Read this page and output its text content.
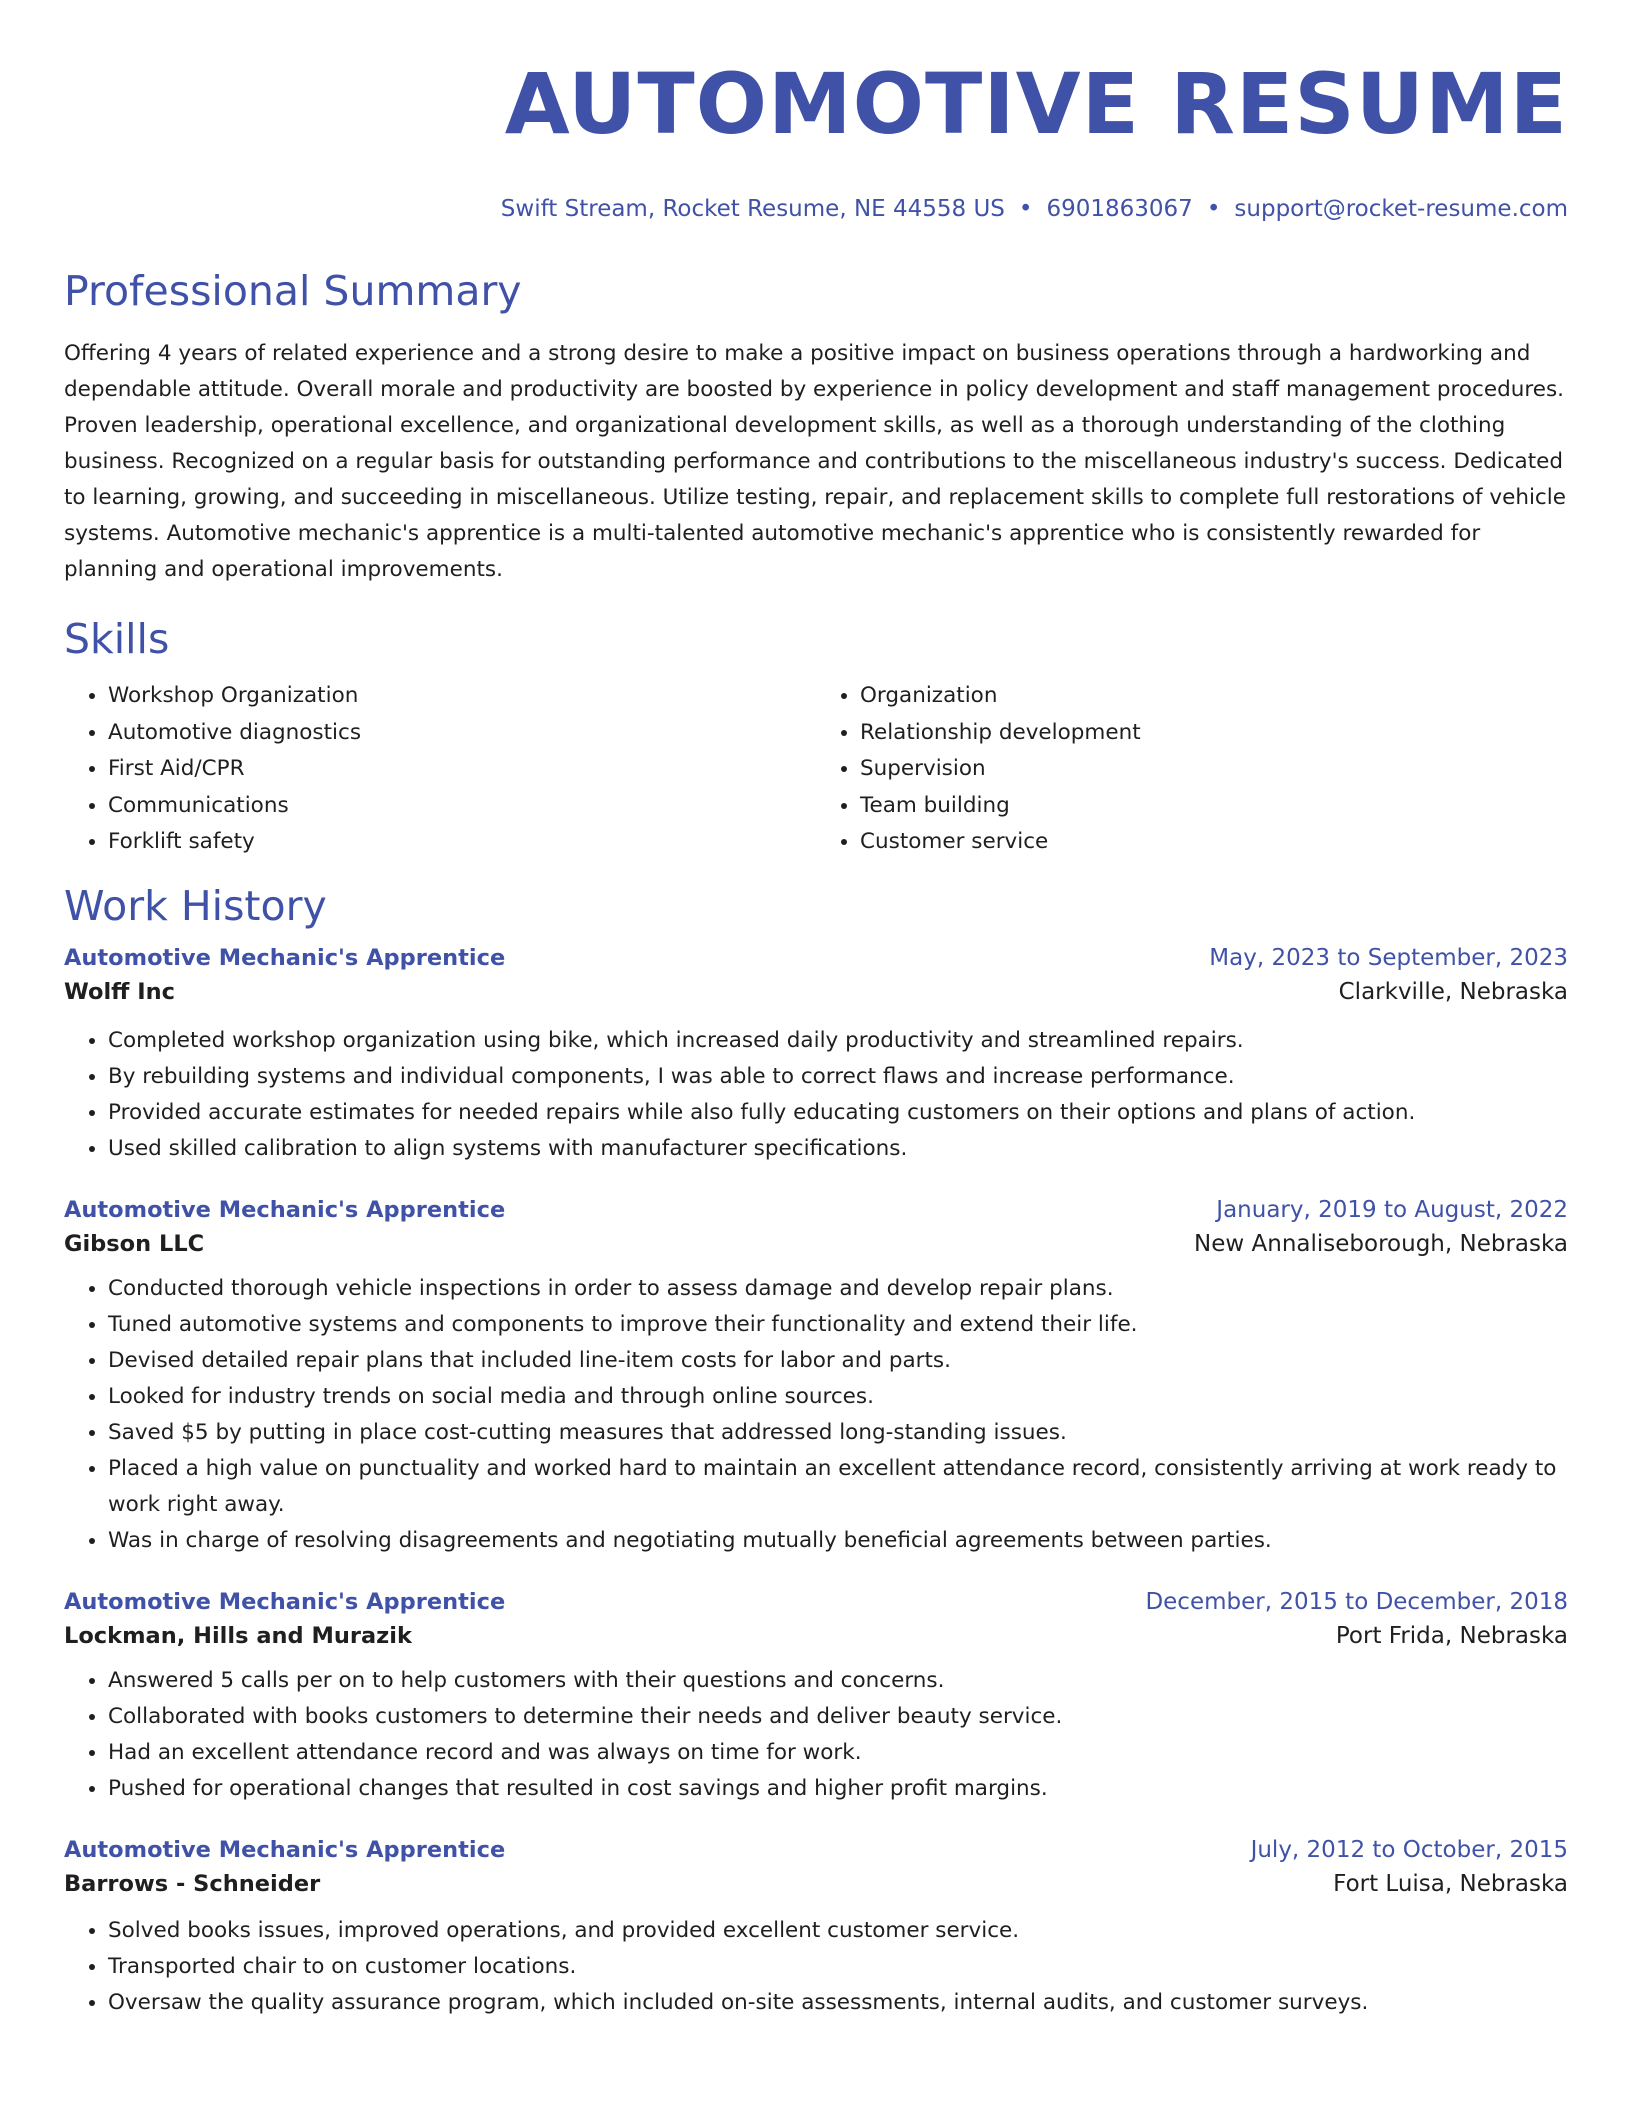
AUTOMOTIVE RESUME
Swift Stream, Rocket Resume, NE 44558 US • 6901863067 • support@rocket-resume.com
Professional Summary

Offering 4 years of related experience and a strong desire to make a positive impact on business operations through a hardworking and dependable attitude. Overall morale and productivity are boosted by experience in policy development and staff management procedures. Proven leadership, operational excellence, and organizational development skills, as well as a thorough understanding of the clothing business. Recognized on a regular basis for outstanding performance and contributions to the miscellaneous industry's success. Dedicated to learning, growing, and succeeding in miscellaneous. Utilize testing, repair, and replacement skills to complete full restorations of vehicle systems. Automotive mechanic's apprentice is a multi-talented automotive mechanic's apprentice who is consistently rewarded for planning and operational improvements.

Skills
• Workshop Organization
• Automotive diagnostics
• First Aid/CPR
• Communications
• Forklift safety
• Organization
• Relationship development
• Supervision
• Team building
• Customer service
Work History
Automotive Mechanic's Apprentice	May, 2023 to September, 2023
Wolff Inc	Clarkville, Nebraska
• Completed workshop organization using bike, which increased daily productivity and streamlined repairs.
• By rebuilding systems and individual components, I was able to correct flaws and increase performance.
• Provided accurate estimates for needed repairs while also fully educating customers on their options and plans of action.
• Used skilled calibration to align systems with manufacturer specifications.
Automotive Mechanic's Apprentice	January, 2019 to August, 2022
Gibson LLC	New Annaliseborough, Nebraska
• Conducted thorough vehicle inspections in order to assess damage and develop repair plans.
• Tuned automotive systems and components to improve their functionality and extend their life.
• Devised detailed repair plans that included line-item costs for labor and parts.
• Looked for industry trends on social media and through online sources.
• Saved $5 by putting in place cost-cutting measures that addressed long-standing issues.
• Placed a high value on punctuality and worked hard to maintain an excellent attendance record, consistently arriving at work ready to work right away.
• Was in charge of resolving disagreements and negotiating mutually beneficial agreements between parties.
Automotive Mechanic's Apprentice	December, 2015 to December, 2018
Lockman, Hills and Murazik	Port Frida, Nebraska
• Answered 5 calls per on to help customers with their questions and concerns.
• Collaborated with books customers to determine their needs and deliver beauty service.
• Had an excellent attendance record and was always on time for work.
• Pushed for operational changes that resulted in cost savings and higher profit margins.
Automotive Mechanic's Apprentice	July, 2012 to October, 2015
Barrows - Schneider	Fort Luisa, Nebraska
• Solved books issues, improved operations, and provided excellent customer service.
• Transported chair to on customer locations.
• Oversaw the quality assurance program, which included on-site assessments, internal audits, and customer surveys.
